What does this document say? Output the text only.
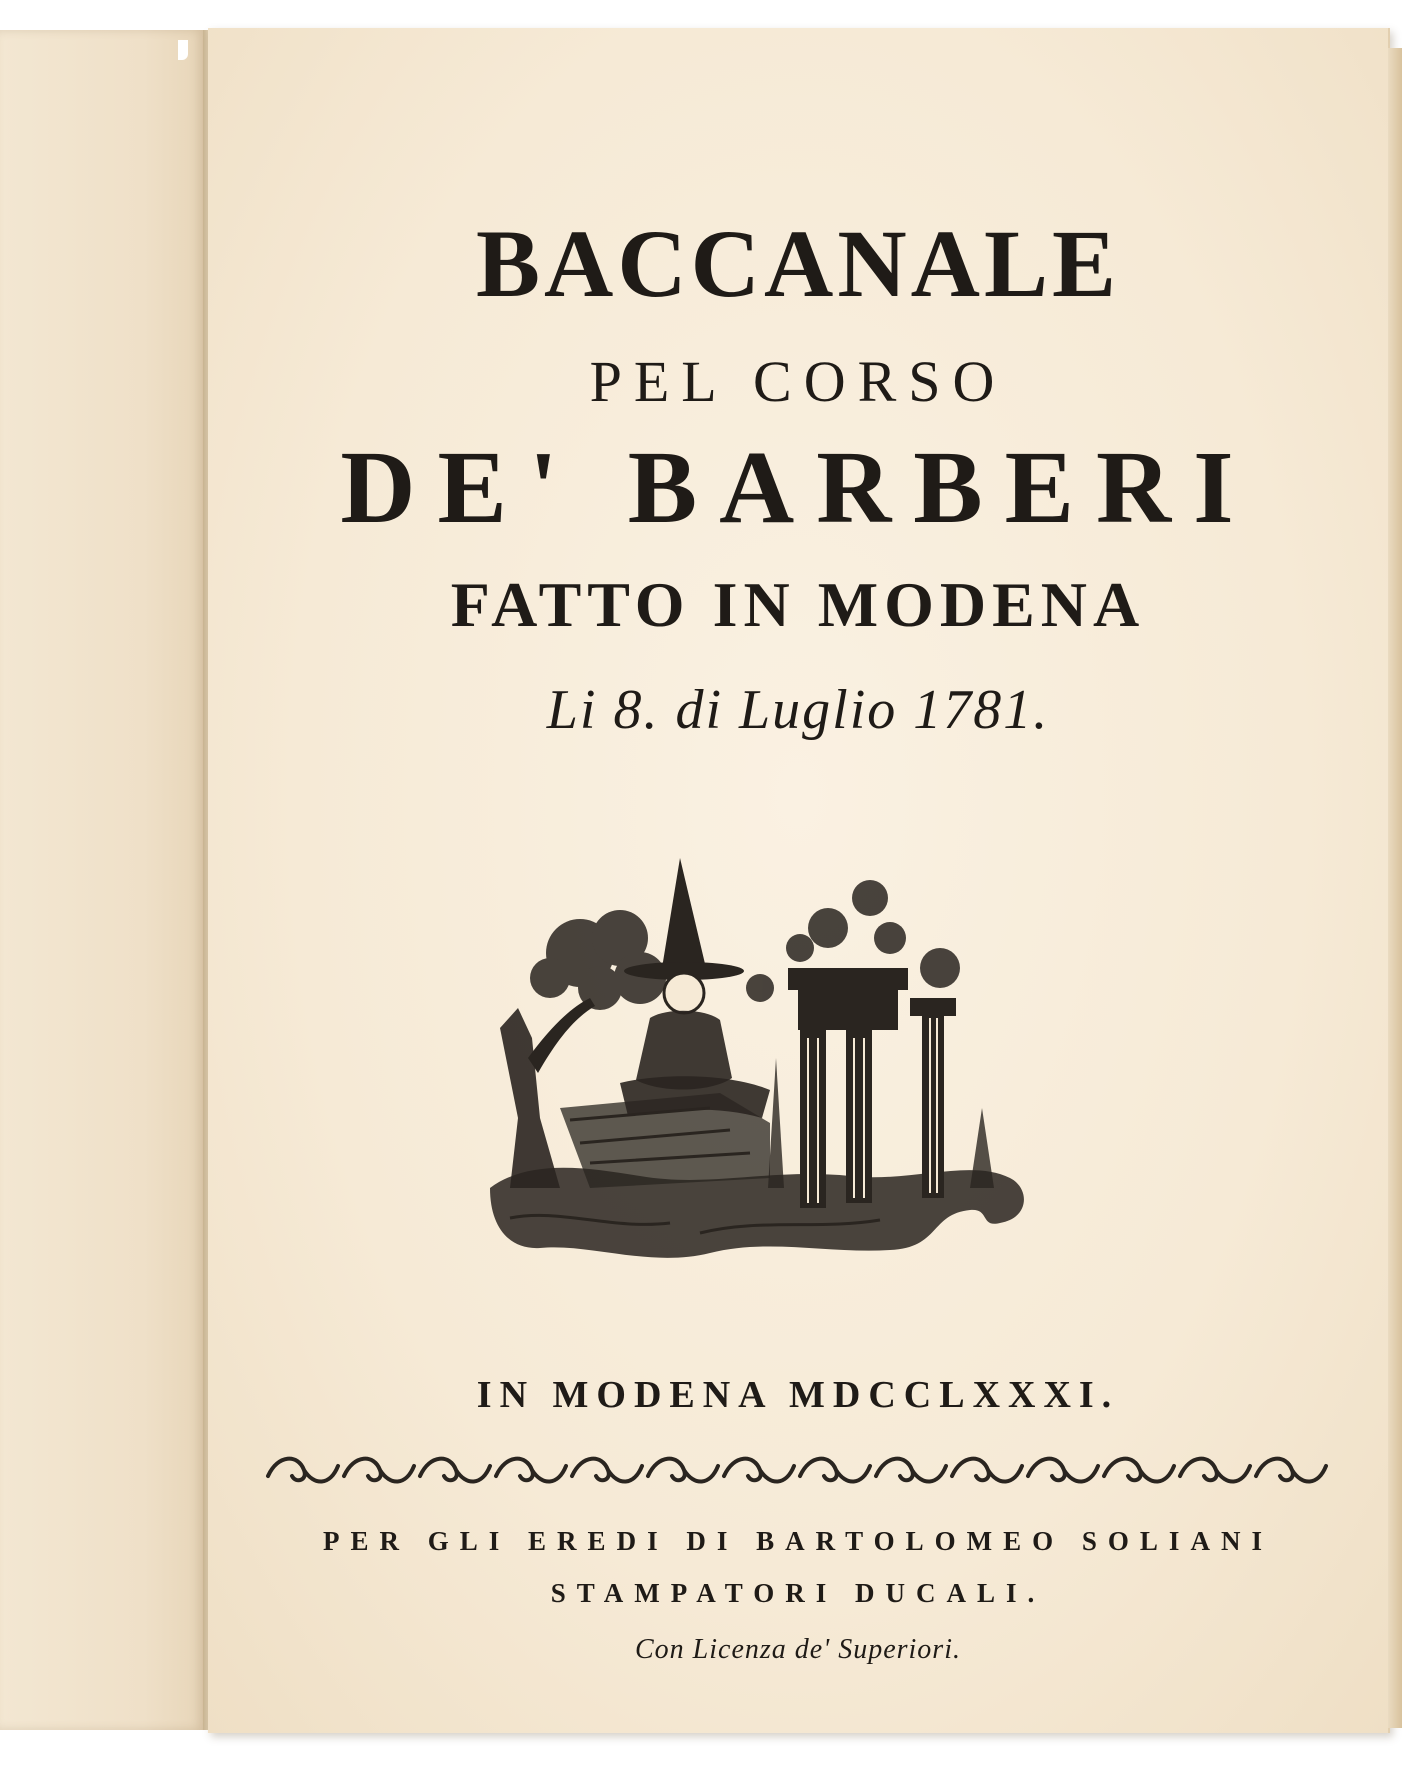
BACCANALE
PEL CORSO
DE' BARBERI
FATTO IN MODENA
Li 8. di Luglio 1781.
IN MODENA MDCCLXXXI.
PER GLI EREDI DI BARTOLOMEO SOLIANI
STAMPATORI DUCALI.
Con Licenza de' Superiori.
